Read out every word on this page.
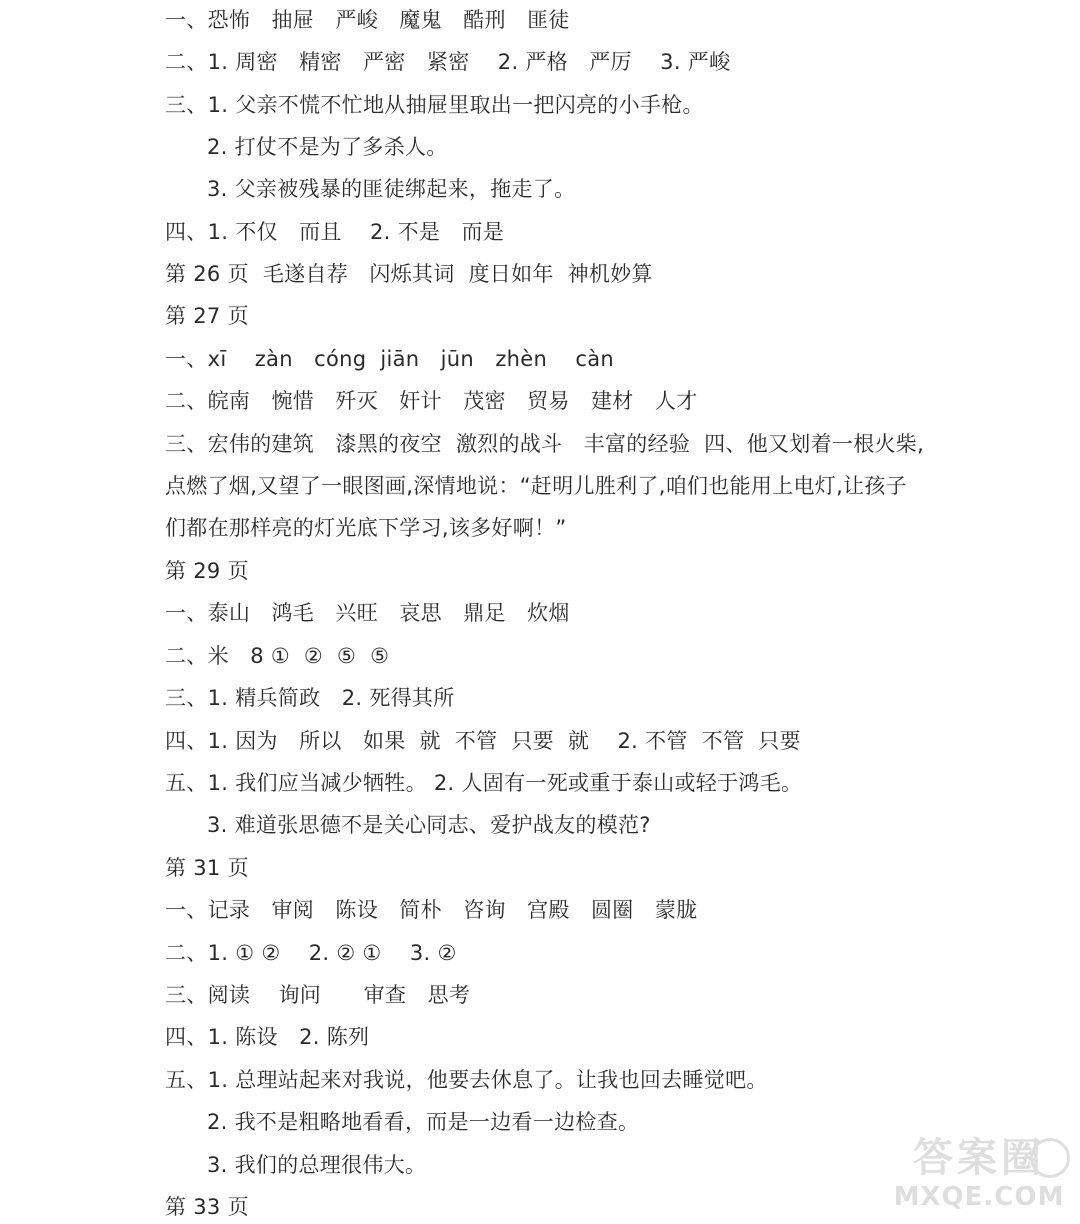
一、恐怖　抽屉　严峻　魔鬼　酷刑　匪徒
二、1. 周密　精密　严密　紧密　 2. 严格　严厉　 3. 严峻
三、1. 父亲不慌不忙地从抽屉里取出一把闪亮的小手枪。
2. 打仗不是为了多杀人。
3. 父亲被残暴的匪徒绑起来，拖走了。
四、1. 不仅　而且　 2. 不是　而是
第 26 页  毛遂自荐　闪烁其词  度日如年  神机妙算
第 27 页
一、xī　 zàn　cóng  jiān　jūn　zhèn　 càn
二、皖南　惋惜　歼灭　奸计　茂密　贸易　建材　人才
三、宏伟的建筑　漆黑的夜空  激烈的战斗　丰富的经验  四、他又划着一根火柴,
点燃了烟,又望了一眼图画,深情地说：“赶明儿胜利了,咱们也能用上电灯,让孩子
们都在那样亮的灯光底下学习,该多好啊！”
第 29 页
一、泰山　鸿毛　兴旺　哀思　鼎足　炊烟
二、米　8 ①  ②  ⑤  ⑤
三、1. 精兵简政　2. 死得其所
四、1. 因为　所以　如果  就  不管  只要  就　 2. 不管  不管  只要
五、1. 我们应当减少牺牲。 2. 人固有一死或重于泰山或轻于鸿毛。
3. 难道张思德不是关心同志、爱护战友的模范?
第 31 页
一、记录　审阅　陈设　简朴　咨询　宫殿　圆圈　蒙胧
二、1. ① ②　 2. ② ①　 3. ②
三、阅读　 询问　　审查　思考
四、1. 陈设　2. 陈列
五、1. 总理站起来对我说，他要去休息了。让我也回去睡觉吧。
2. 我不是粗略地看看，而是一边看一边检查。
3. 我们的总理很伟大。
第 33 页
答案圈
MXQE.COM
